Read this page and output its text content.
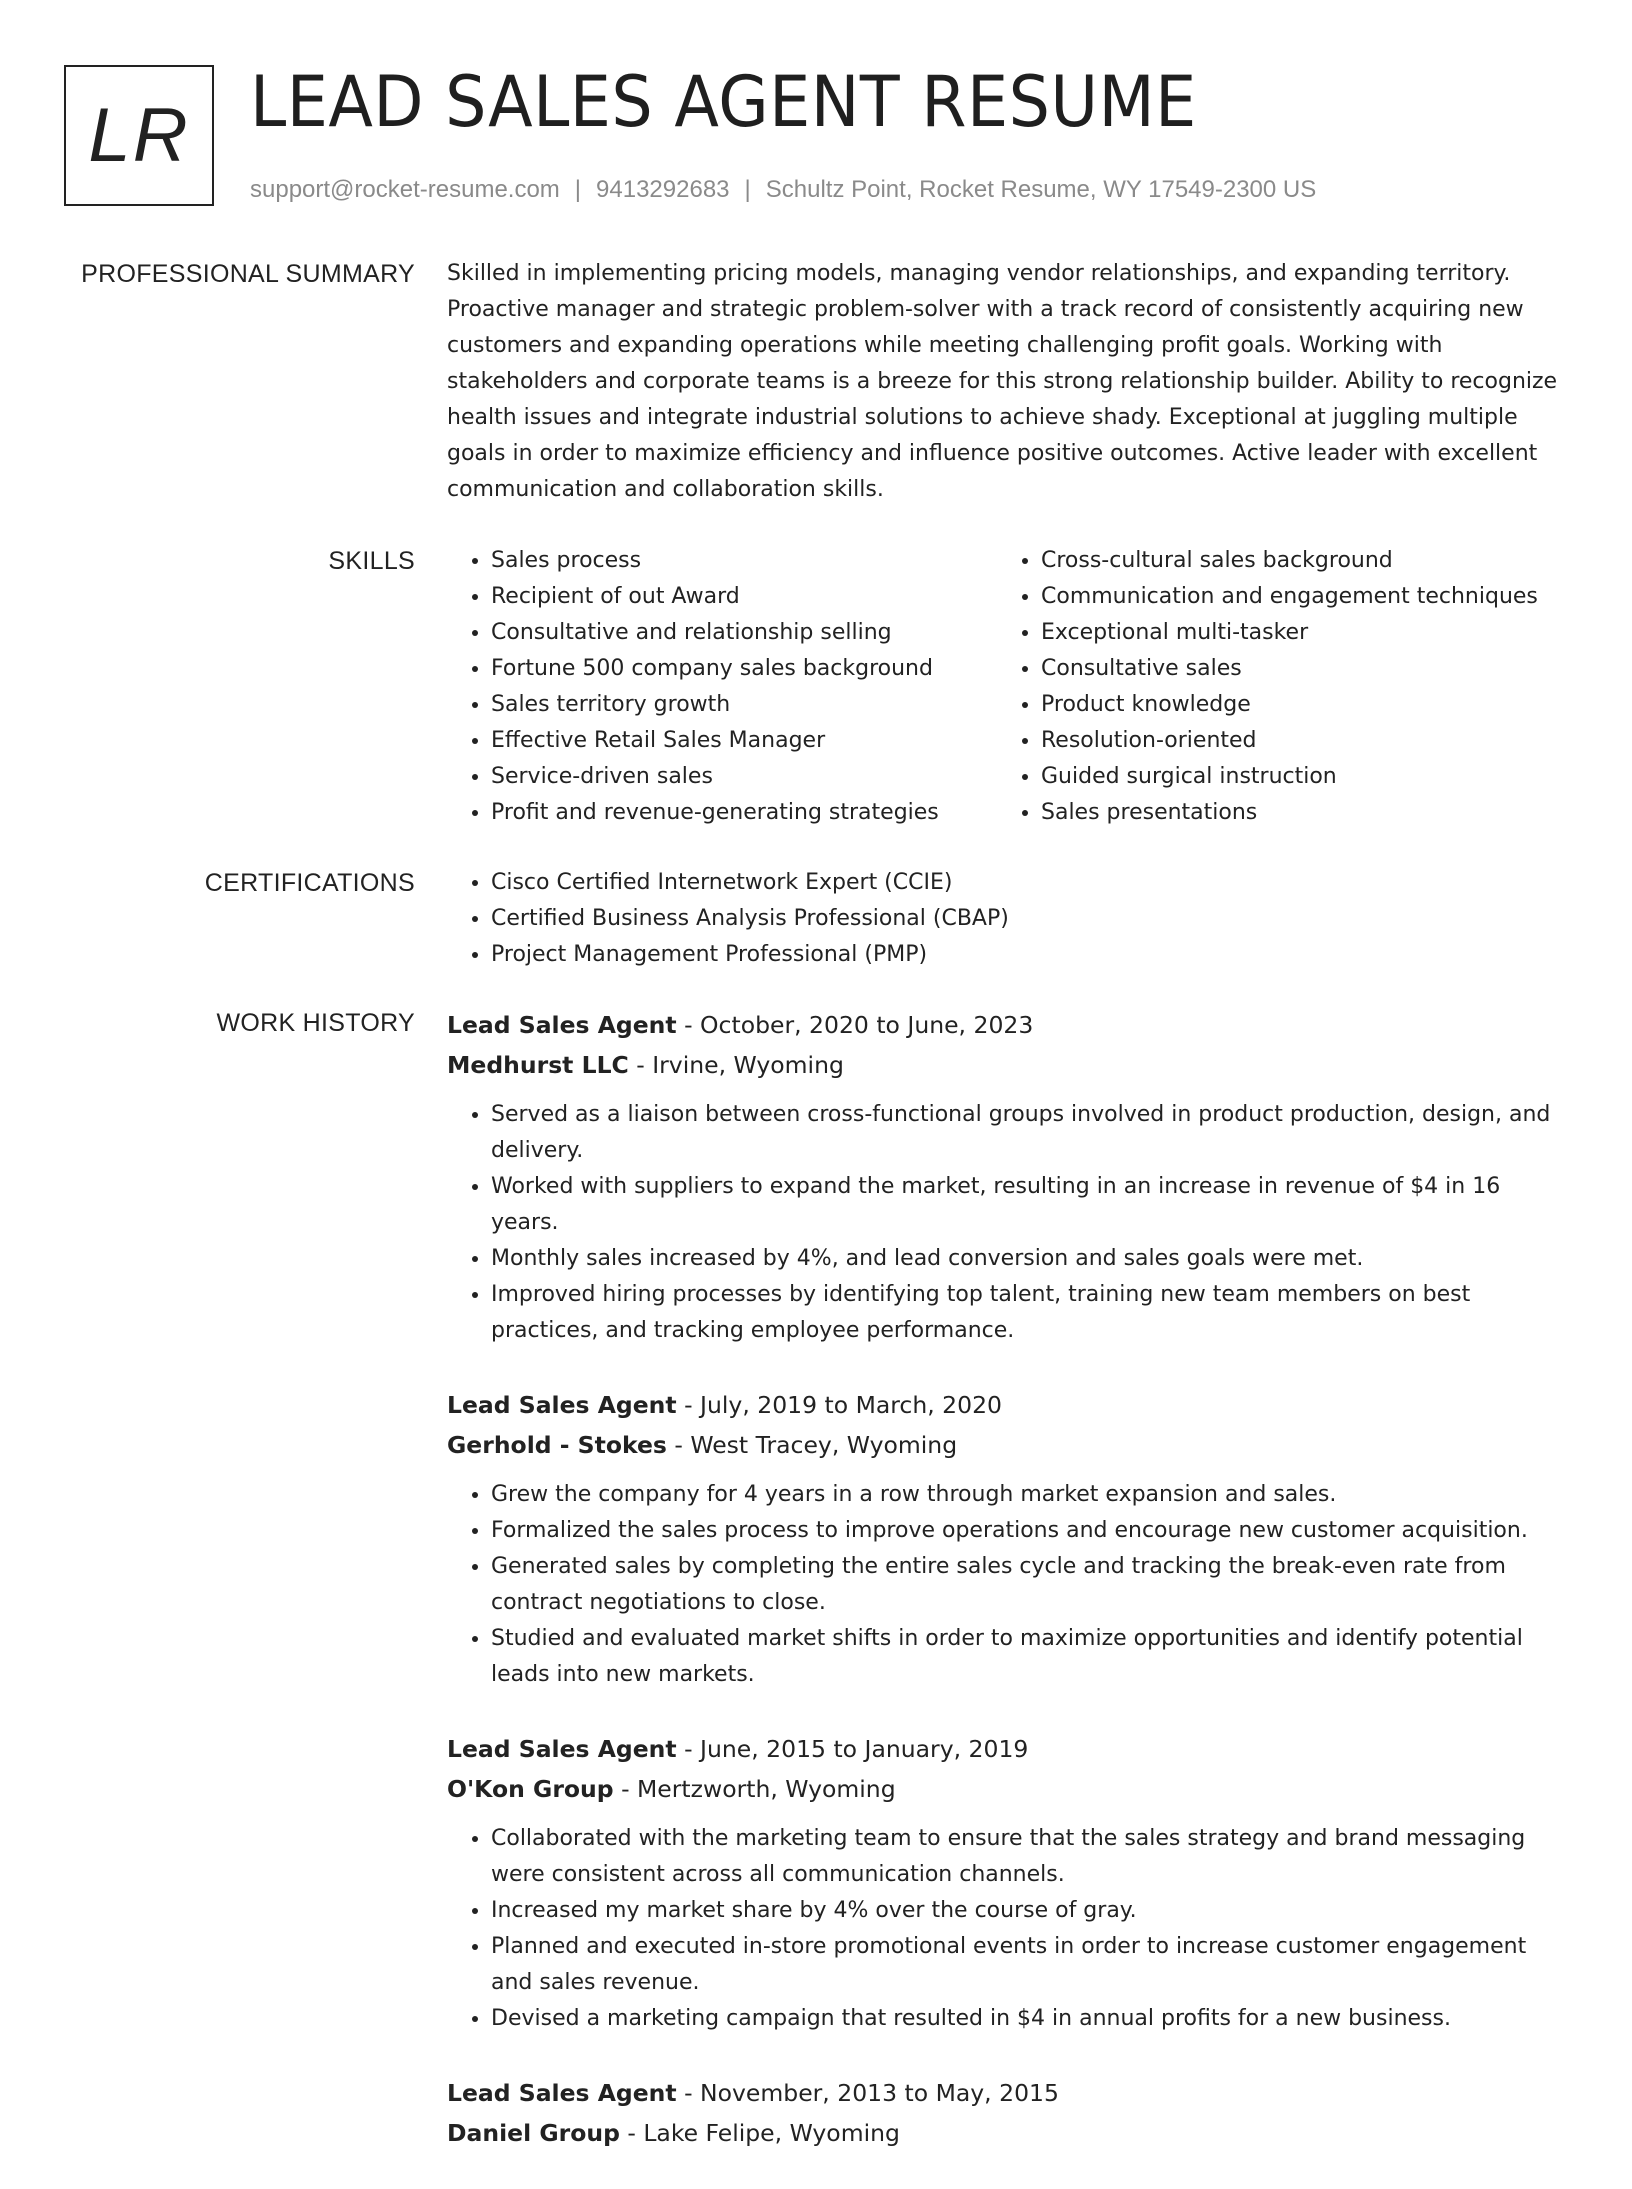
LR LEAD SALES AGENT RESUME
support@rocket-resume.com | 9413292683 | Schultz Point, Rocket Resume, WY 17549-2300 US
PROFESSIONAL SUMMARY Skilled in implementing pricing models, managing vendor relationships, and expanding territory. Proactive manager and strategic problem-solver with a track record of consistently acquiring new customers and expanding operations while meeting challenging profit goals. Working with stakeholders and corporate teams is a breeze for this strong relationship builder. Ability to recognize health issues and integrate industrial solutions to achieve shady. Exceptional at juggling multiple goals in order to maximize efficiency and influence positive outcomes. Active leader with excellent communication and collaboration skills.

SKILLS	• Sales process
• Recipient of out Award
• Consultative and relationship selling
• Fortune 500 company sales background
• Sales territory growth
• Effective Retail Sales Manager
• Service-driven sales
• Profit and revenue-generating strategies
• Cross-cultural sales background
• Communication and engagement techniques
• Exceptional multi-tasker
• Consultative sales
• Product knowledge
• Resolution-oriented
• Guided surgical instruction
• Sales presentations
CERTIFICATIONS	• Cisco Certified Internetwork Expert (CCIE)
• Certified Business Analysis Professional (CBAP)
• Project Management Professional (PMP)
WORK HISTORY Lead Sales Agent - October, 2020 to June, 2023
Medhurst LLC - Irvine, Wyoming
• Served as a liaison between cross-functional groups involved in product production, design, and delivery.
• Worked with suppliers to expand the market, resulting in an increase in revenue of $4 in 16 years.
• Monthly sales increased by 4%, and lead conversion and sales goals were met.
• Improved hiring processes by identifying top talent, training new team members on best practices, and tracking employee performance.
Lead Sales Agent - July, 2019 to March, 2020
Gerhold - Stokes - West Tracey, Wyoming
• Grew the company for 4 years in a row through market expansion and sales.
• Formalized the sales process to improve operations and encourage new customer acquisition.
• Generated sales by completing the entire sales cycle and tracking the break-even rate from contract negotiations to close.
• Studied and evaluated market shifts in order to maximize opportunities and identify potential leads into new markets.
Lead Sales Agent - June, 2015 to January, 2019
O'Kon Group - Mertzworth, Wyoming
• Collaborated with the marketing team to ensure that the sales strategy and brand messaging were consistent across all communication channels.
• Increased my market share by 4% over the course of gray.
• Planned and executed in-store promotional events in order to increase customer engagement and sales revenue.
• Devised a marketing campaign that resulted in $4 in annual profits for a new business.
Lead Sales Agent - November, 2013 to May, 2015
Daniel Group - Lake Felipe, Wyoming
